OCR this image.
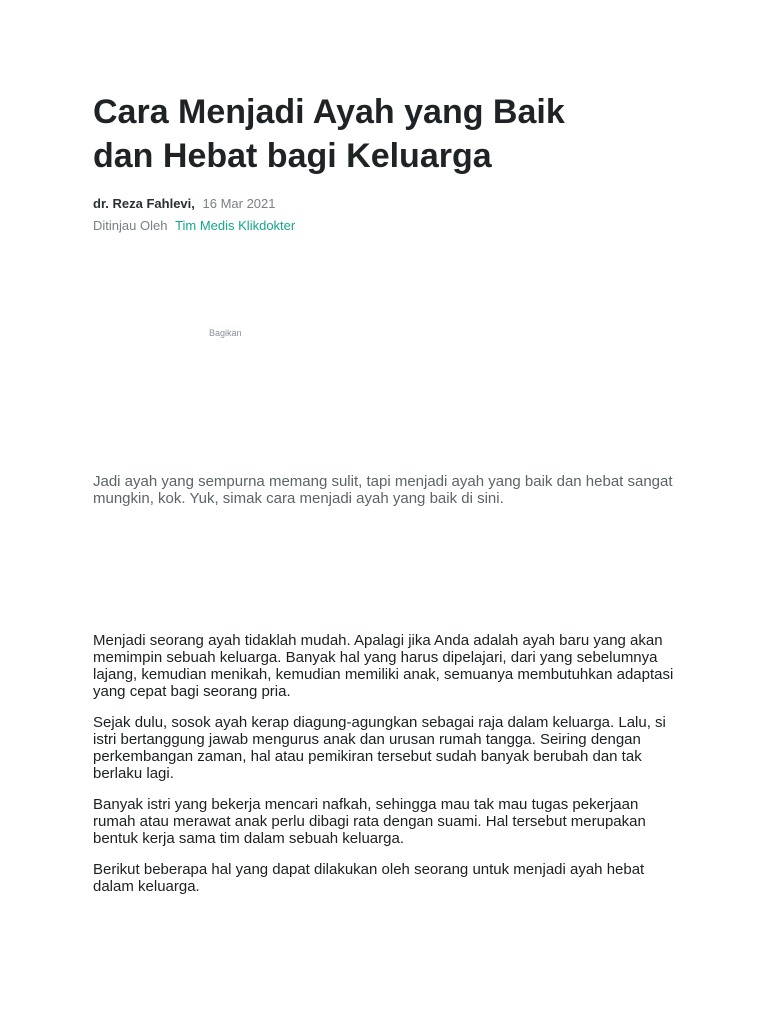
Cara Menjadi Ayah yang Baik
dan Hebat bagi Keluarga
dr. Reza Fahlevi, 16 Mar 2021
Ditinjau Oleh Tim Medis Klikdokter
Bagikan

Jadi ayah yang sempurna memang sulit, tapi menjadi ayah yang baik dan hebat sangat mungkin, kok. Yuk, simak cara menjadi ayah yang baik di sini.

Menjadi seorang ayah tidaklah mudah. Apalagi jika Anda adalah ayah baru yang akan memimpin sebuah keluarga. Banyak hal yang harus dipelajari, dari yang sebelumnya lajang, kemudian menikah, kemudian memiliki anak, semuanya membutuhkan adaptasi yang cepat bagi seorang pria.

Sejak dulu, sosok ayah kerap diagung-agungkan sebagai raja dalam keluarga. Lalu, si istri bertanggung jawab mengurus anak dan urusan rumah tangga. Seiring dengan perkembangan zaman, hal atau pemikiran tersebut sudah banyak berubah dan tak berlaku lagi.

Banyak istri yang bekerja mencari nafkah, sehingga mau tak mau tugas pekerjaan rumah atau merawat anak perlu dibagi rata dengan suami. Hal tersebut merupakan bentuk kerja sama tim dalam sebuah keluarga.

Berikut beberapa hal yang dapat dilakukan oleh seorang untuk menjadi ayah hebat dalam keluarga.
